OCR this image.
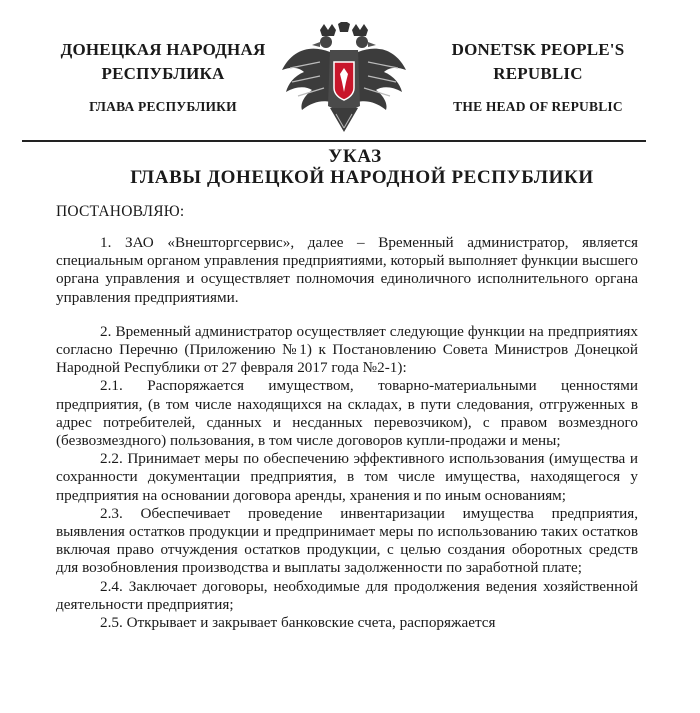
ДОНЕЦКАЯ НАРОДНАЯ РЕСПУБЛИКА
ГЛАВА РЕСПУБЛИКИ
DONETSK PEOPLE'S REPUBLIC
THE HEAD OF REPUBLIC
УКАЗ
ГЛАВЫ ДОНЕЦКОЙ НАРОДНОЙ РЕСПУБЛИКИ
ПОСТАНОВЛЯЮ:

1. ЗАО «Внешторгсервис», далее – Временный администратор, является специальным органом управления предприятиями, который выполняет функции высшего органа управления и осуществляет полномочия единоличного исполнительного органа управления предприятиями.

2. Временный администратор осуществляет следующие функции на предприятиях согласно Перечню (Приложению №1) к Постановлению Совета Министров Донецкой Народной Республики от 27 февраля 2017 года №2-1):

2.1. Распоряжается имуществом, товарно-материальными ценностями предприятия, (в том числе находящихся на складах, в пути следования, отгруженных в адрес потребителей, сданных и несданных перевозчиком), с правом возмездного (безвозмездного) пользования, в том числе договоров купли-продажи и мены;

2.2. Принимает меры по обеспечению эффективного использования (имущества и сохранности документации предприятия, в том числе имущества, находящегося у предприятия на основании договора аренды, хранения и по иным основаниям;

2.3. Обеспечивает проведение инвентаризации имущества предприятия, выявления остатков продукции и предпринимает меры по использованию таких остатков включая право отчуждения остатков продукции, с целью создания оборотных средств для возобновления производства и выплаты задолженности по заработной плате;

2.4. Заключает договоры, необходимые для продолжения ведения хозяйственной деятельности предприятия;

2.5. Открывает и закрывает банковские счета, распоряжается
